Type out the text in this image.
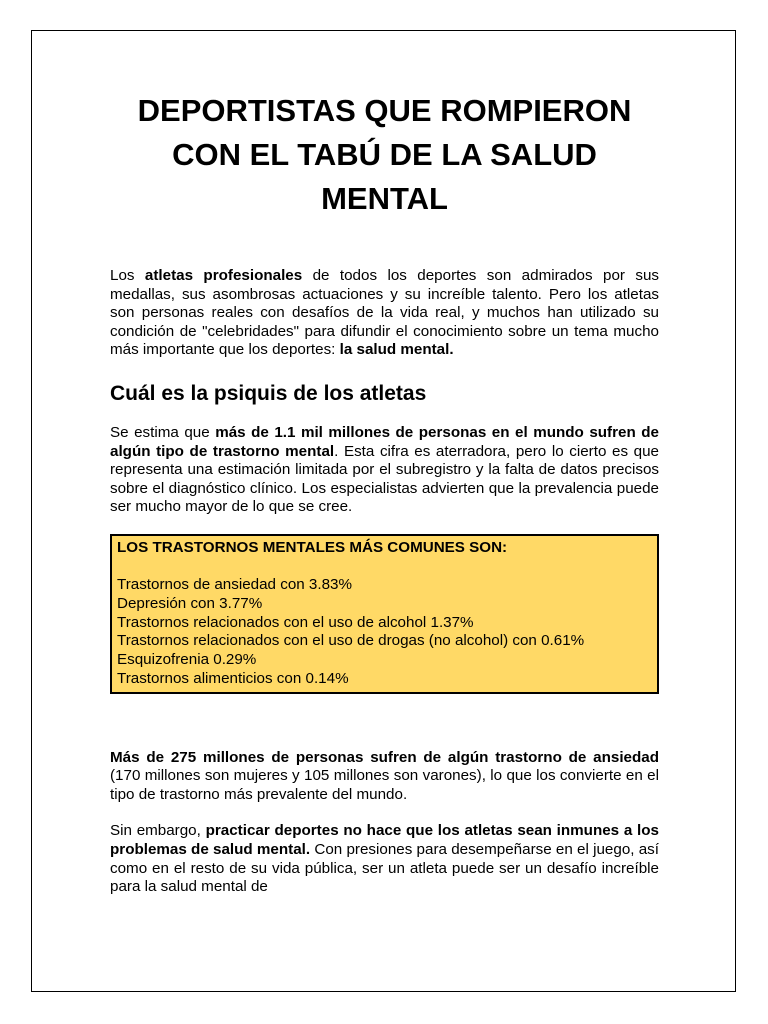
DEPORTISTAS QUE ROMPIERON CON EL TABÚ DE LA SALUD MENTAL

Los atletas profesionales de todos los deportes son admirados por sus medallas, sus asombrosas actuaciones y su increíble talento. Pero los atletas son personas reales con desafíos de la vida real, y muchos han utilizado su condición de "celebridades" para difundir el conocimiento sobre un tema mucho más importante que los deportes: la salud mental.

Cuál es la psiquis de los atletas

Se estima que más de 1.1 mil millones de personas en el mundo sufren de algún tipo de trastorno mental. Esta cifra es aterradora, pero lo cierto es que representa una estimación limitada por el subregistro y la falta de datos precisos sobre el diagnóstico clínico. Los especialistas advierten que la prevalencia puede ser mucho mayor de lo que se cree.

LOS TRASTORNOS MENTALES MÁS COMUNES SON:
Trastornos de ansiedad con 3.83%
Depresión con 3.77%
Trastornos relacionados con el uso de alcohol 1.37%
Trastornos relacionados con el uso de drogas (no alcohol) con 0.61%
Esquizofrenia 0.29%
Trastornos alimenticios con 0.14%

Más de 275 millones de personas sufren de algún trastorno de ansiedad (170 millones son mujeres y 105 millones son varones), lo que los convierte en el tipo de trastorno más prevalente del mundo.

Sin embargo, practicar deportes no hace que los atletas sean inmunes a los problemas de salud mental. Con presiones para desempeñarse en el juego, así como en el resto de su vida pública, ser un atleta puede ser un desafío increíble para la salud mental de
